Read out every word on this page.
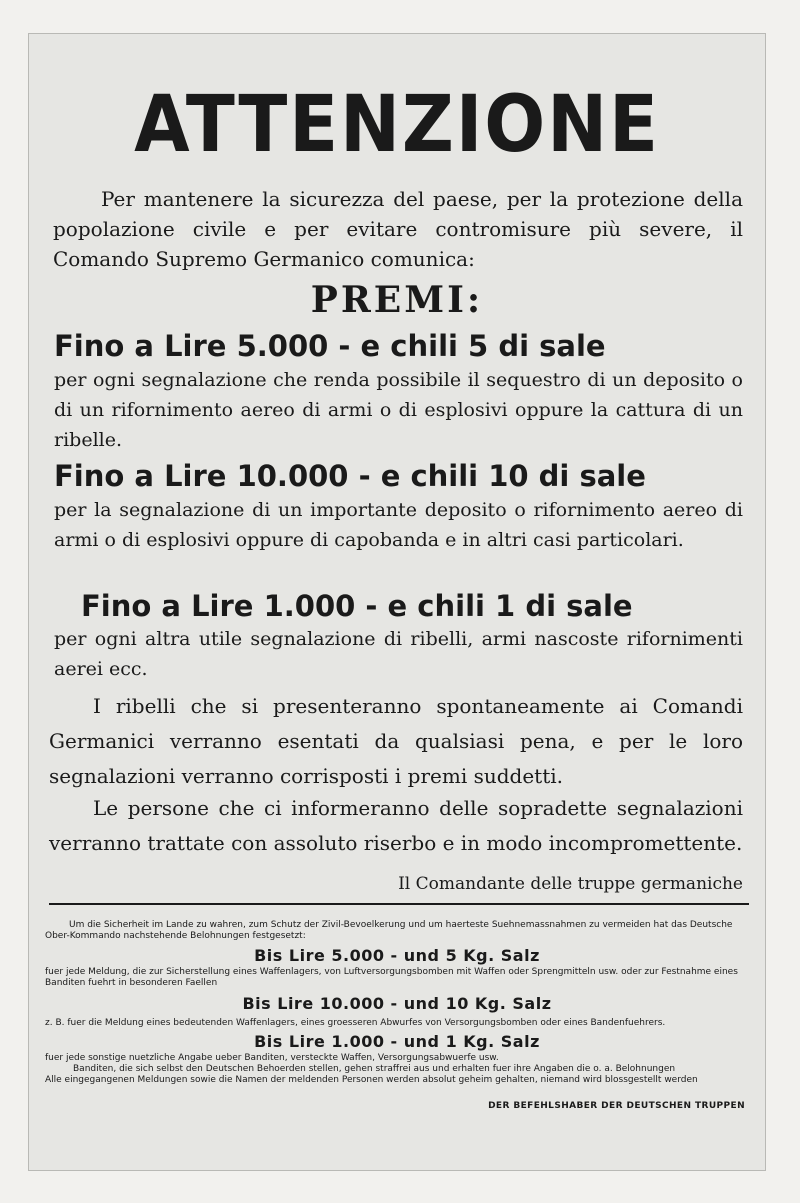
ATTENZIONE

Per mantenere la sicurezza del paese, per la protezione della popolazione civile e per evitare contromisure più severe, il Comando Supremo Germanico comunica:

PREMI:
Fino a Lire 5.000 - e chili 5 di sale
per ogni segnalazione che renda possibile il sequestro di un deposito o di un rifornimento aereo di armi o di esplosivi oppure la cattura di un ribelle.
Fino a Lire 10.000 - e chili 10 di sale
per la segnalazione di un importante deposito o rifornimento aereo di armi o di esplosivi oppure di capobanda e in altri casi particolari.
Fino a Lire 1.000 - e chili 1 di sale
per ogni altra utile segnalazione di ribelli, armi nascoste rifornimenti aerei ecc.

I ribelli che si presenteranno spontaneamente ai Comandi Germanici verranno esentati da qualsiasi pena, e per le loro segnalazioni verranno corrisposti i premi suddetti.

Le persone che ci informeranno delle sopradette segnalazioni verranno trattate con assoluto riserbo e in modo incompromettente.

Il Comandante delle truppe germaniche

Um die Sicherheit im Lande zu wahren, zum Schutz der Zivil-Bevoelkerung und um haerteste Suehnemassnahmen zu vermeiden hat das Deutsche Ober-Kommando nachstehende Belohnungen festgesetzt:

Bis Lire 5.000 - und 5 Kg. Salz
fuer jede Meldung, die zur Sicherstellung eines Waffenlagers, von Luftversorgungsbomben mit Waffen oder Sprengmitteln usw. oder zur Festnahme eines Banditen fuehrt in besonderen Faellen
Bis Lire 10.000 - und 10 Kg. Salz
z. B. fuer die Meldung eines bedeutenden Waffenlagers, eines groesseren Abwurfes von Versorgungsbomben oder eines Bandenfuehrers.
Bis Lire 1.000 - und 1 Kg. Salz

fuer jede sonstige nuetzliche Angabe ueber Banditen, versteckte Waffen, Versorgungsabwuerfe usw.

Banditen, die sich selbst den Deutschen Behoerden stellen, gehen straffrei aus und erhalten fuer ihre Angaben die o. a. Belohnungen

Alle eingegangenen Meldungen sowie die Namen der meldenden Personen werden absolut geheim gehalten, niemand wird blossgestellt werden

DER BEFEHLSHABER DER DEUTSCHEN TRUPPEN
